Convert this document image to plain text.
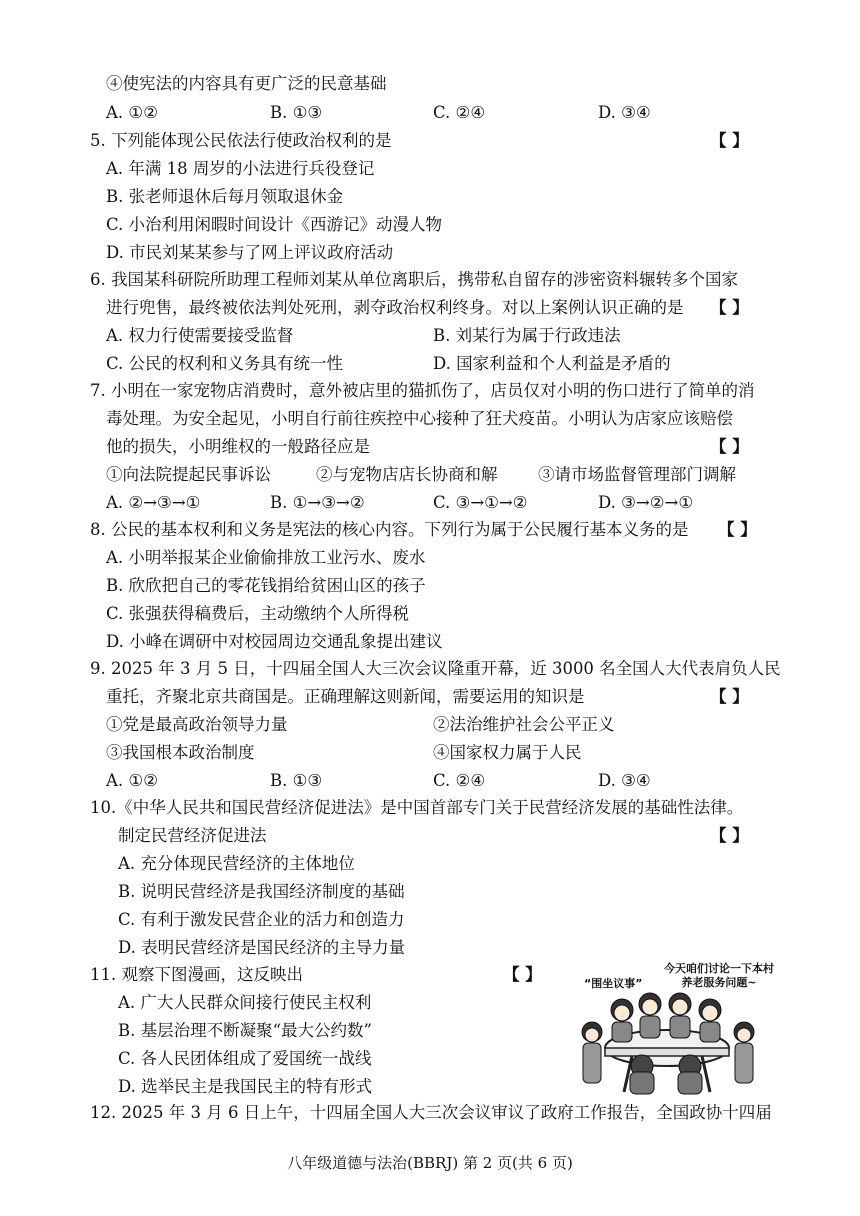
④使宪法的内容具有更广泛的民意基础
A. ①②	B. ①③	C. ②④	D. ③④
5. 下列能体现公民依法行使政治权利的是
A. 年满 18 周岁的小法进行兵役登记
B. 张老师退休后每月领取退休金
C. 小治利用闲暇时间设计《西游记》动漫人物
D. 市民刘某某参与了网上评议政府活动
6. 我国某科研院所助理工程师刘某从单位离职后，携带私自留存的涉密资料辗转多个国家
进行兜售，最终被依法判处死刑，剥夺政治权利终身。对以上案例认识正确的是
A. 权力行使需要接受监督	B. 刘某行为属于行政违法
C. 公民的权利和义务具有统一性	D. 国家利益和个人利益是矛盾的
7. 小明在一家宠物店消费时，意外被店里的猫抓伤了，店员仅对小明的伤口进行了简单的消
毒处理。为安全起见，小明自行前往疾控中心接种了狂犬疫苗。小明认为店家应该赔偿
他的损失，小明维权的一般路径应是
①向法院提起民事诉讼	②与宠物店店长协商和解 ③请市场监督管理部门调解
A. ②→③→①	B. ①→③→②	C. ③→①→②	D. ③→②→①
8. 公民的基本权利和义务是宪法的核心内容。下列行为属于公民履行基本义务的是
A. 小明举报某企业偷偷排放工业污水、废水
B. 欣欣把自己的零花钱捐给贫困山区的孩子
C. 张强获得稿费后，主动缴纳个人所得税
D. 小峰在调研中对校园周边交通乱象提出建议
9. 2025 年 3 月 5 日，十四届全国人大三次会议隆重开幕，近 3000 名全国人大代表肩负人民
重托，齐聚北京共商国是。正确理解这则新闻，需要运用的知识是
①党是最高政治领导力量	②法治维护社会公平正义
③我国根本政治制度	④国家权力属于人民
A. ①②	B. ①③	C. ②④	D. ③④
10.《中华人民共和国民营经济促进法》是中国首部专门关于民营经济发展的基础性法律。
制定民营经济促进法
A. 充分体现民营经济的主体地位
B. 说明民营经济是我国经济制度的基础
C. 有利于激发民营企业的活力和创造力
D. 表明民营经济是国民经济的主导力量
11. 观察下图漫画，这反映出
A. 广大人民群众间接行使民主权利
B. 基层治理不断凝聚“最大公约数”
C. 各人民团体组成了爱国统一战线
D. 选举民主是我国民主的特有形式
12. 2025 年 3 月 6 日上午，十四届全国人大三次会议审议了政府工作报告，全国政协十四届
【 】
【 】
【 】
【 】
【 】
【 】
【 】	“围坐议事”
今天咱们讨论一下本村养老服务问题~
八年级道德与法治(BBRJ) 第 2 页(共 6 页)
